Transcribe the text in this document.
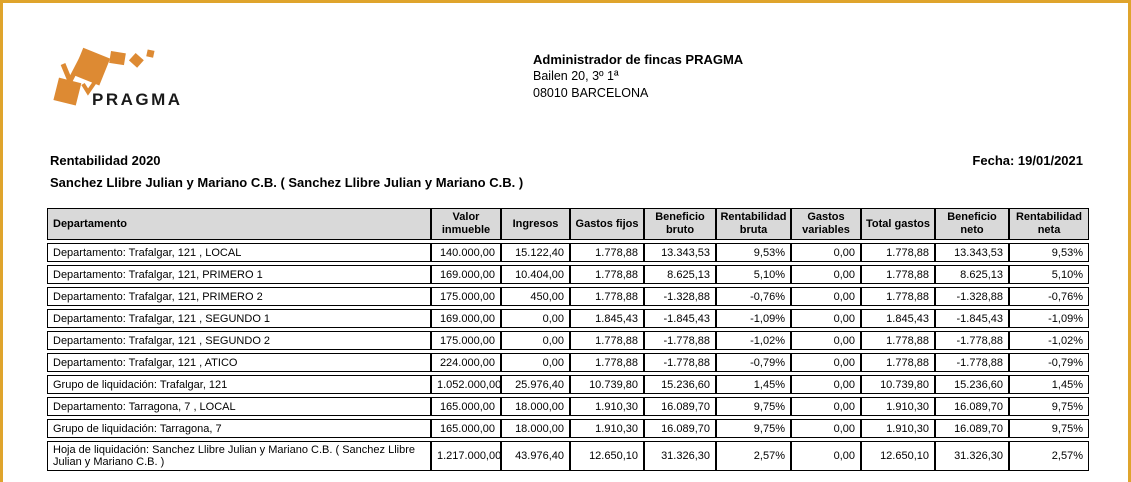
PRAGMA
Administrador de fincas PRAGMA
Bailen 20, 3º 1ª
08010 BARCELONA
Rentabilidad 2020	Fecha: 19/01/2021
Sanchez Llibre Julian y Mariano C.B. ( Sanchez Llibre Julian y Mariano C.B. )
Departamento	Valor inmueble	Ingresos	Gastos fijos	Beneficio bruto	Rentabilidad bruta	Gastos variables	Total gastos	Beneficio neto	Rentabilidad neta
Departamento: Trafalgar, 121 , LOCAL	140.000,00	15.122,40	1.778,88	13.343,53	9,53%	0,00	1.778,88	13.343,53	9,53%
Departamento: Trafalgar, 121, PRIMERO 1	169.000,00	10.404,00	1.778,88	8.625,13	5,10%	0,00	1.778,88	8.625,13	5,10%
Departamento: Trafalgar, 121, PRIMERO 2	175.000,00	450,00	1.778,88	-1.328,88	-0,76%	0,00	1.778,88	-1.328,88	-0,76%
Departamento: Trafalgar, 121 , SEGUNDO 1	169.000,00	0,00	1.845,43	-1.845,43	-1,09%	0,00	1.845,43	-1.845,43	-1,09%
Departamento: Trafalgar, 121 , SEGUNDO 2	175.000,00	0,00	1.778,88	-1.778,88	-1,02%	0,00	1.778,88	-1.778,88	-1,02%
Departamento: Trafalgar, 121 , ATICO	224.000,00	0,00	1.778,88	-1.778,88	-0,79%	0,00	1.778,88	-1.778,88	-0,79%
Grupo de liquidación: Trafalgar, 121	1.052.000,00	25.976,40	10.739,80	15.236,60	1,45%	0,00	10.739,80	15.236,60	1,45%
Departamento: Tarragona, 7 , LOCAL	165.000,00	18.000,00	1.910,30	16.089,70	9,75%	0,00	1.910,30	16.089,70	9,75%
Grupo de liquidación: Tarragona, 7	165.000,00	18.000,00	1.910,30	16.089,70	9,75%	0,00	1.910,30	16.089,70	9,75%
Hoja de liquidación: Sanchez Llibre Julian y Mariano C.B. ( Sanchez Llibre Julian y Mariano C.B. )	1.217.000,00	43.976,40	12.650,10	31.326,30	2,57%	0,00	12.650,10	31.326,30	2,57%
